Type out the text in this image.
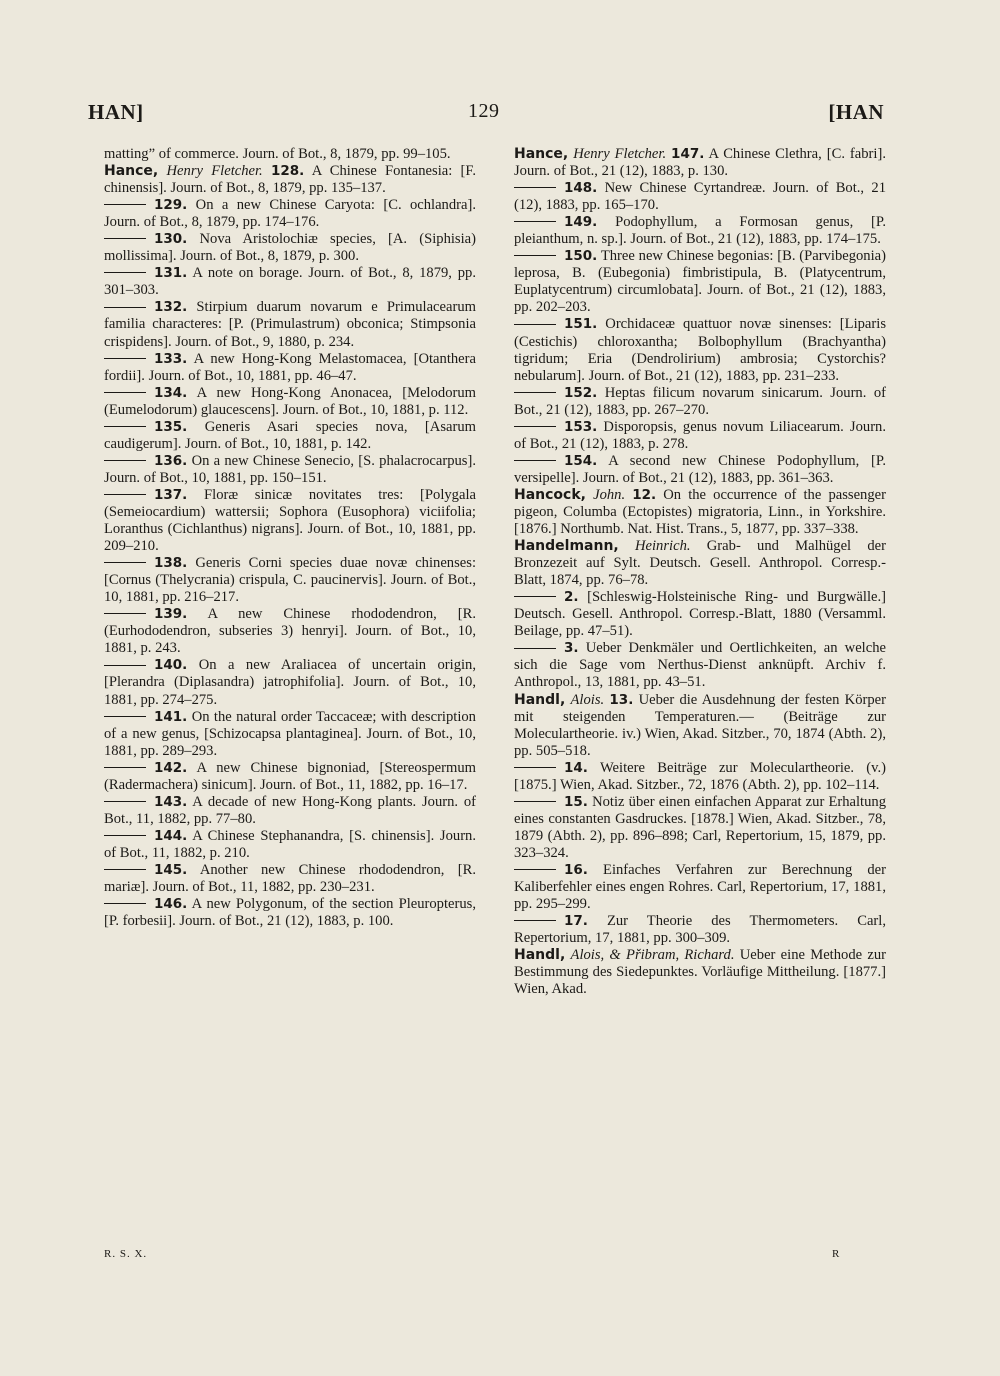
HAN]	129	[HAN

matting” of commerce. Journ. of Bot., 8, 1879, pp. 99–105.

Hance, Henry Fletcher. 128. A Chinese Fontanesia: [F. chinensis]. Journ. of Bot., 8, 1879, pp. 135–137.

129. On a new Chinese Caryota: [C. ochlandra]. Journ. of Bot., 8, 1879, pp. 174–176.

130. Nova Aristolochiæ species, [A. (Siphisia) mollissima]. Journ. of Bot., 8, 1879, p. 300.

131. A note on borage. Journ. of Bot., 8, 1879, pp. 301–303.

132. Stirpium duarum novarum e Primulacearum familia characteres: [P. (Primulastrum) obconica; Stimpsonia crispidens]. Journ. of Bot., 9, 1880, p. 234.

133. A new Hong-Kong Melastomacea, [Otanthera fordii]. Journ. of Bot., 10, 1881, pp. 46–47.

134. A new Hong-Kong Anonacea, [Melodorum (Eumelodorum) glaucescens]. Journ. of Bot., 10, 1881, p. 112.

135. Generis Asari species nova, [Asarum caudigerum]. Journ. of Bot., 10, 1881, p. 142.

136. On a new Chinese Senecio, [S. phalacrocarpus]. Journ. of Bot., 10, 1881, pp. 150–151.

137. Floræ sinicæ novitates tres: [Polygala (Semeiocardium) wattersii; Sophora (Eusophora) viciifolia; Loranthus (Cichlanthus) nigrans]. Journ. of Bot., 10, 1881, pp. 209–210.

138. Generis Corni species duae novæ chinenses: [Cornus (Thelycrania) crispula, C. paucinervis]. Journ. of Bot., 10, 1881, pp. 216–217.

139. A new Chinese rhododendron, [R. (Eurhododendron, subseries 3) henryi]. Journ. of Bot., 10, 1881, p. 243.

140. On a new Araliacea of uncertain origin, [Plerandra (Diplasandra) jatrophifolia]. Journ. of Bot., 10, 1881, pp. 274–275.

141. On the natural order Taccaceæ; with description of a new genus, [Schizocapsa plantaginea]. Journ. of Bot., 10, 1881, pp. 289–293.

142. A new Chinese bignoniad, [Stereospermum (Radermachera) sinicum]. Journ. of Bot., 11, 1882, pp. 16–17.

143. A decade of new Hong-Kong plants. Journ. of Bot., 11, 1882, pp. 77–80.

144. A Chinese Stephanandra, [S. chinensis]. Journ. of Bot., 11, 1882, p. 210.

145. Another new Chinese rhododendron, [R. mariæ]. Journ. of Bot., 11, 1882, pp. 230–231.

146. A new Polygonum, of the section Pleuropterus, [P. forbesii]. Journ. of Bot., 21 (12), 1883, p. 100.

Hance, Henry Fletcher. 147. A Chinese Clethra, [C. fabri]. Journ. of Bot., 21 (12), 1883, p. 130.

148. New Chinese Cyrtandreæ. Journ. of Bot., 21 (12), 1883, pp. 165–170.

149. Podophyllum, a Formosan genus, [P. pleianthum, n. sp.]. Journ. of Bot., 21 (12), 1883, pp. 174–175.

150. Three new Chinese begonias: [B. (Parvibegonia) leprosa, B. (Eubegonia) fimbristipula, B. (Platycentrum, Euplatycentrum) circumlobata]. Journ. of Bot., 21 (12), 1883, pp. 202–203.

151. Orchidaceæ quattuor novæ sinenses: [Liparis (Cestichis) chloroxantha; Bolbophyllum (Brachyantha) tigridum; Eria (Dendrolirium) ambrosia; Cystorchis? nebularum]. Journ. of Bot., 21 (12), 1883, pp. 231–233.

152. Heptas filicum novarum sinicarum. Journ. of Bot., 21 (12), 1883, pp. 267–270.

153. Disporopsis, genus novum Liliacearum. Journ. of Bot., 21 (12), 1883, p. 278.

154. A second new Chinese Podophyllum, [P. versipelle]. Journ. of Bot., 21 (12), 1883, pp. 361–363.

Hancock, John. 12. On the occurrence of the passenger pigeon, Columba (Ectopistes) migratoria, Linn., in Yorkshire. [1876.] Northumb. Nat. Hist. Trans., 5, 1877, pp. 337–338.

Handelmann, Heinrich. Grab- und Malhügel der Bronzezeit auf Sylt. Deutsch. Gesell. Anthropol. Corresp.-Blatt, 1874, pp. 76–78.

2. [Schleswig-Holsteinische Ring- und Burgwälle.] Deutsch. Gesell. Anthropol. Corresp.-Blatt, 1880 (Versamml. Beilage, pp. 47–51).

3. Ueber Denkmäler und Oertlichkeiten, an welche sich die Sage vom Nerthus-Dienst anknüpft. Archiv f. Anthropol., 13, 1881, pp. 43–51.

Handl, Alois. 13. Ueber die Ausdehnung der festen Körper mit steigenden Temperaturen.— (Beiträge zur Moleculartheorie. iv.) Wien, Akad. Sitzber., 70, 1874 (Abth. 2), pp. 505–518.

14. Weitere Beiträge zur Moleculartheorie. (v.) [1875.] Wien, Akad. Sitzber., 72, 1876 (Abth. 2), pp. 102–114.

15. Notiz über einen einfachen Apparat zur Erhaltung eines constanten Gasdruckes. [1878.] Wien, Akad. Sitzber., 78, 1879 (Abth. 2), pp. 896–898; Carl, Repertorium, 15, 1879, pp. 323–324.

16. Einfaches Verfahren zur Berechnung der Kaliberfehler eines engen Rohres. Carl, Repertorium, 17, 1881, pp. 295–299.

17. Zur Theorie des Thermometers. Carl, Repertorium, 17, 1881, pp. 300–309.

Handl, Alois, & Přibram, Richard. Ueber eine Methode zur Bestimmung des Siedepunktes. Vorläufige Mittheilung. [1877.] Wien, Akad.

R. S. X.	R
